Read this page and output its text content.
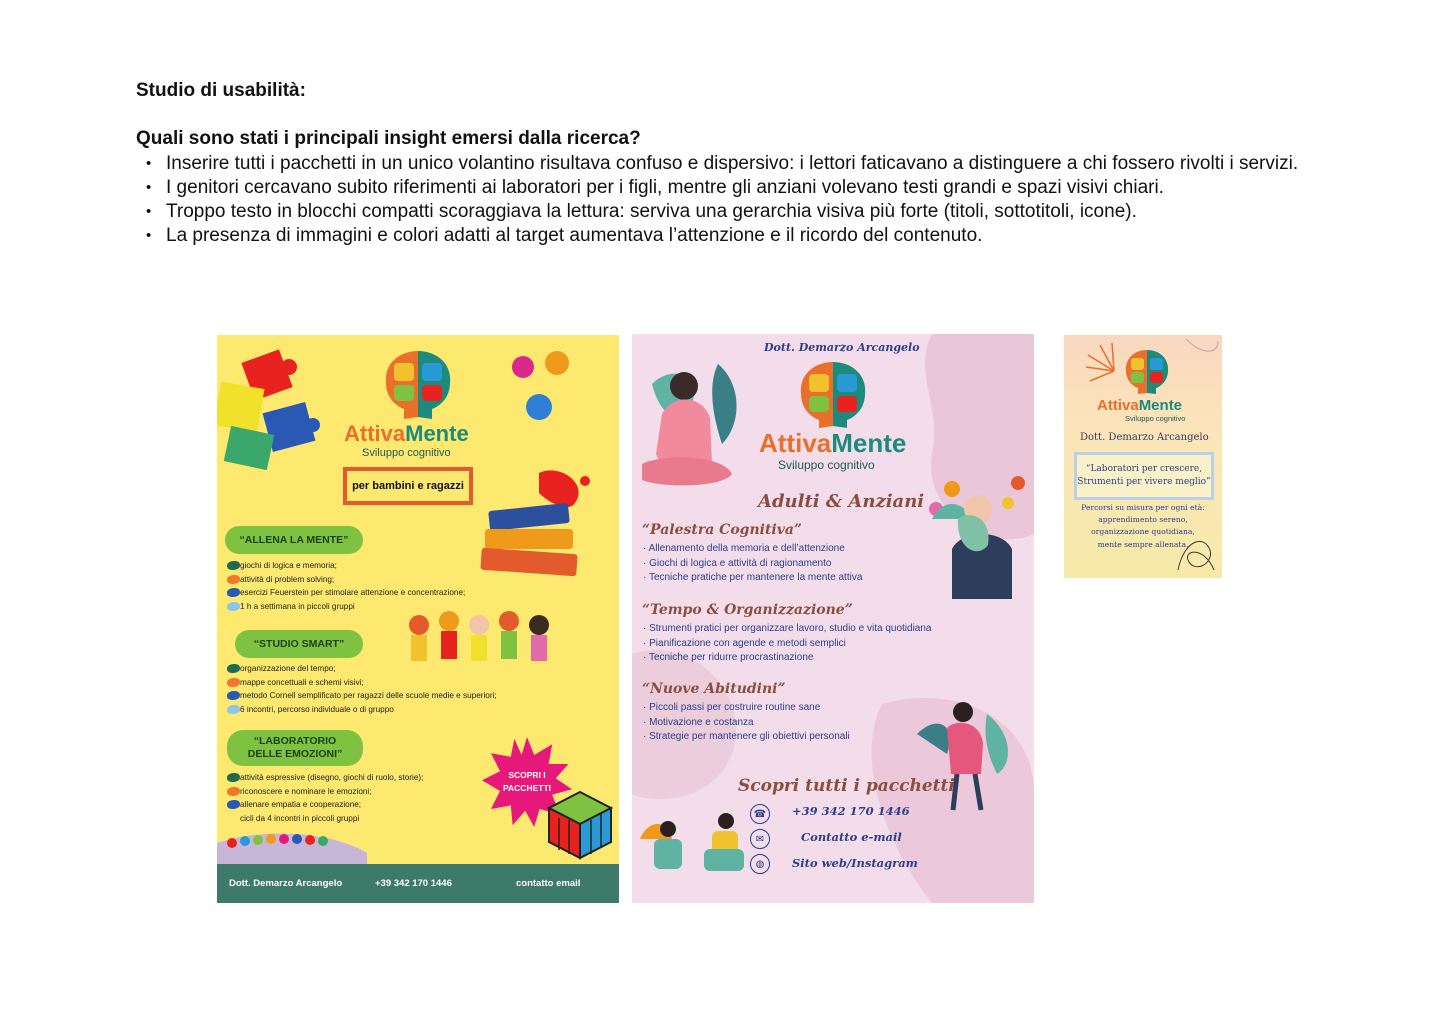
Studio di usabilità:
Quali sono stati i principali insight emersi dalla ricerca?
• Inserire tutti i pacchetti in un unico volantino risultava confuso e dispersivo: i lettori faticavano a distinguere a chi fossero rivolti i servizi.
• I genitori cercavano subito riferimenti ai laboratori per i figli, mentre gli anziani volevano testi grandi e spazi visivi chiari.
• Troppo testo in blocchi compatti scoraggiava la lettura: serviva una gerarchia visiva più forte (titoli, sottotitoli, icone).
• La presenza di immagini e colori adatti al target aumentava l’attenzione e il ricordo del contenuto.
AttivaMente
Sviluppo cognitivo
per bambini e ragazzi
“ALLENA LA MENTE”
giochi di logica e memoria;
attività di problem solving;
esercizi Feuerstein per stimolare attenzione e concentrazione;
1 h a settimana in piccoli gruppi
“STUDIO SMART”
organizzazione del tempo;
mappe concettuali e schemi visivi;
metodo Cornell semplificato per ragazzi delle scuole medie e superiori;
6 incontri, percorso individuale o di gruppo
“LABORATORIO
DELLE EMOZIONI”
attività espressive (disegno, giochi di ruolo, storie);
riconoscere e nominare le emozioni;
allenare empatia e cooperazione;
cicli da 4 incontri in piccoli gruppi
SCOPRI I
PACCHETTI
Dott. Demarzo Arcangelo	+39 342 170 1446	contatto email
Dott. Demarzo Arcangelo
AttivaMente
Sviluppo cognitivo
Adulti & Anziani
“Palestra Cognitiva”
· Allenamento della memoria e dell’attenzione
· Giochi di logica e attività di ragionamento
· Tecniche pratiche per mantenere la mente attiva
“Tempo & Organizzazione”
· Strumenti pratici per organizzare lavoro, studio e vita quotidiana
· Pianificazione con agende e metodi semplici
· Tecniche per ridurre procrastinazione
“Nuove Abitudini”
· Piccoli passi per costruire routine sane
· Motivazione e costanza
· Strategie per mantenere gli obiettivi personali
Scopri tutti i pacchetti
☎	+39 342 170 1446
✉	Contatto e-mail
◍	Sito web/Instagram
AttivaMente
Sviluppo cognitivo
Dott. Demarzo Arcangelo
“Laboratori per crescere,
Strumenti per vivere meglio”
Percorsi su misura per ogni età:
apprendimento sereno,
organizzazione quotidiana,
mente sempre allenata.
